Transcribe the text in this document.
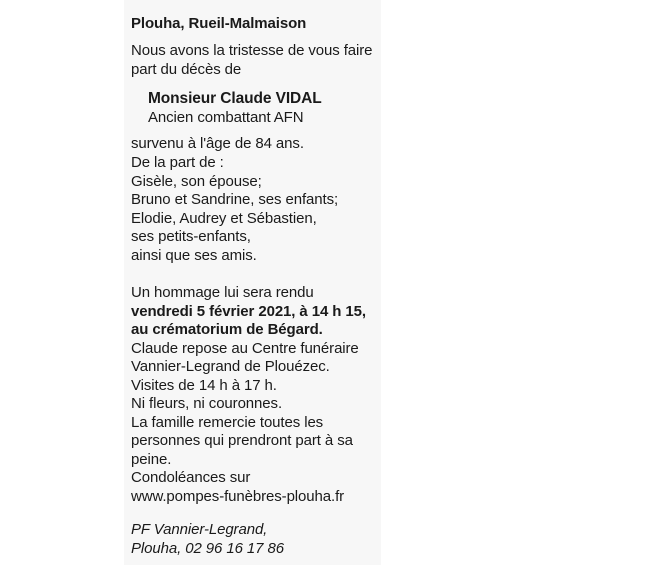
Plouha, Rueil-Malmaison
Nous avons la tristesse de vous faire
part du décès de
Monsieur Claude VIDAL
Ancien combattant AFN
survenu à l'âge de 84 ans.
De la part de :
Gisèle, son épouse;
Bruno et Sandrine, ses enfants;
Elodie, Audrey et Sébastien,
ses petits-enfants,
ainsi que ses amis.
Un hommage lui sera rendu
vendredi 5 février 2021, à 14 h 15,
au crématorium de Bégard.
Claude repose au Centre funéraire
Vannier-Legrand de Plouézec.
Visites de 14 h à 17 h.
Ni fleurs, ni couronnes.
La famille remercie toutes les
personnes qui prendront part à sa
peine.
Condoléances sur
www.pompes-funèbres-plouha.fr
PF Vannier-Legrand,
Plouha, 02 96 16 17 86
